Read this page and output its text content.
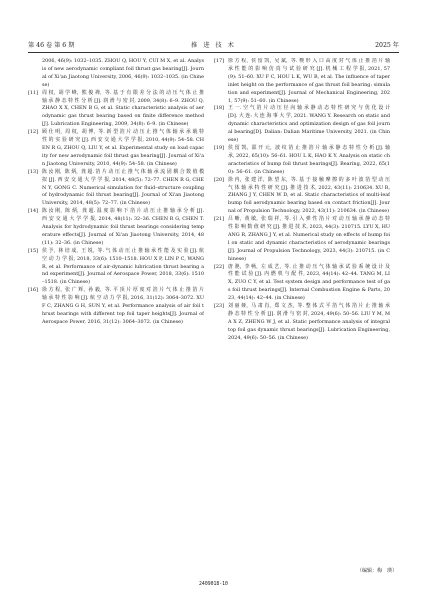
第 46 卷 第 6 期	推 进 技 术	2025 年
2006, 46(9): 1032–1035. ZHOU Q, HOU Y, CUI M X, et al. Analysis of new aerodynamic compliant foil thrust gas bearing[J]. Journal of Xi'an Jiaotong University, 2006, 46(9): 1032–1035. (in Chinese)
[11] 周 权，胡 学 峰，熊 俊 禅，等. 基 于 有 限 差 分 法 的 动 压 气 体 止 推 轴 承 静 态 特 性 分 析 [J]. 润 滑 与 密 封, 2009, 34(8): 6–9. ZHOU Q, ZHAO X X, CHEN B G, et al. Static characteristic analysis of aerodynamic gas thrust bearing based on finite difference method[J]. Lubrication Engineering, 2009, 34(8): 6–9. (in Chinese)
[12] 顾 仕 明，周 权，胡 博，等. 新 型 箔 片 动 压 止 推 气 体 轴 承 承 载 特 性 的 实 验 研 究 [J]. 西 安 交 通 大 学 学 报, 2010, 44(9): 54–58. CHEN R G, ZHOU Q, LIU Y, et al. Experimental study on load capacity for new aerodynamic foil thrust gas bearing[J]. Journal of Xi'an Jiaotong University, 2010, 44(9): 54–58. (in Chinese)
[13] 陈 汝 刚，陈 炳，龚 超. 箔 片 动 压 止 推 气 体 轴 承 流 固 耦 合 数 值 模 拟 [J]. 西 安 交 通 大 学 学 报, 2014, 48(5): 72–77. CHEN R G, CHEN Y, GONG C. Numerical simulation for fluid–structure coupling of hydrodynamic foil thrust bearing[J]. Journal of Xi'an Jiaotong University, 2014, 48(5): 72–77. (in Chinese)
[14] 陈 汝 刚，陈 炳，龚 超. 温 度 影 响 下 箔 片 动 压 止 推 轴 承 分 析 [J]. 西 安 交 通 大 学 学 报, 2014, 48(11): 32–36. CHEN R G, CHEN T. Analysis for hydrodynamic foil thrust bearings considering temperature effects[J]. Journal of Xi'an Jiaotong University, 2014, 48(11): 32–36. (in Chinese)
[15] 侯 予，林 培 成，王 锐，等. 气 体 动 压 止 推 轴 承 性 能 及 实 验 [J]. 航 空 动 力 学 报, 2018, 33(6): 1510–1518. HOU X P, LIN P C, WANG R, et al. Performance of air-dynamic lubrication thrust bearing and experiment[J]. Journal of Aerospace Power, 2018, 33(6): 1510–1518. (in Chinese)
[16] 徐 方 程，张 广 辉，孙 毅，等. 平 顶 片 厚 度 对 箔 片 气 体 止 推 箔 片 轴 承 特 性 影 响 [J]. 航 空 动 力 学 报, 2016, 31(12): 3064–3072. XU F C, ZHANG G H, SUN Y, et al. Performance analysis of air foil thrust bearings with different top foil taper heights[J]. Journal of Aerospace Power, 2016, 31(12): 3064–3072. (in Chinese)
[17] 徐 方 程，侯 留 凯，吴 斌，等. 楔 形 入 口 高 度 对 气 体 止 推 箔 片 轴 承 性 能 的 影 响 仿 真 与 试 验 研 究 [J]. 机 械 工 程 学 报, 2021, 57(9): 51–60. XU F C, HOU L K, WU B, et al. The influence of taper inlet height on the performance of gas thrust foil bearing: simulation and experiment[J]. Journal of Mechanical Engineering, 2021, 57(9): 51–60. (in Chinese)
[18] 王 一. 空 气 箔 片 动 压 径 向 轴 承 静 动 态 特 性 研 究 与 优 化 设 计 [D]. 大 连: 大 连 海 事 大 学, 2021. WANG Y. Research on static and dynamic characteristics and optimization design of gas foil journal bearing[D]. Dalian: Dalian Maritime University, 2021. (in Chinese)
[19] 侯 留 凯，邵 开 元，波 纹 箔 止 推 箔 片 轴 承 静 态 特 性 分 析 [J]. 轴 承, 2022, 65(10): 56–61. HOU L K, HAO K Y. Analysis on static characteristics of bump foil thrust bearings[J]. Bearing, 2022, 65(10): 56–61. (in Chinese)
[20] 徐 冉，张 建 洋，陈 望 东，等. 基 于 接 触 摩 擦 的 多 叶 波 箔 型 动 压 气 体 轴 承 特 性 研 究 [J]. 推 进 技 术, 2022, 43(11): 210634. XU R, ZHANG J Y, CHEN W D, et al. Static characteristics of multi-leaf bump foil aerodynamic bearing based on contact friction[J]. Journal of Propulsion Technology, 2022, 43(11): 210634. (in Chinese)
[21] 吕 晰，黄 敏，张 瑞 祥，等. 引 入 弹 性 箔 片 对 动 压 轴 承 静 动 态 特 性 影 响 数 值 研 究 [J]. 推 进 技 术, 2023, 44(3): 210715. LYU X, HUANG R, ZHANG J Y, et al. Numerical study on effects of bump foil on static and dynamic characteristics of aerodynamic bearings[J]. Journal of Propulsion Technology, 2023, 44(3): 210715. (in Chinese)
[22] 唐 滟，李 畅，左 成 艺，等. 止 推 动 压 气 体 轴 承 试 验 系 统 设 计 及 性 能 试 验 [J]. 内 燃 机 与 配 件, 2023, 44(14): 42–44. TANG M, LI X, ZUO C Y, et al. Test system design and performance test of gas foil thrust bearings[J]. Internal Combustion Engine & Parts, 2023, 44(14): 42–44. (in Chinese)
[23] 刘 丽 娅，马 肃 肖，郑 文 杰，等. 整 体 式 平 箔 气 体 箔 片 止 推 轴 承 静 态 特 性 分 析 [J]. 润 滑 与 密 封, 2024, 49(6): 50–56. LIU Y M, MA X Z, ZHENG W J, et al. Static performance analysis of integral top foil gas dynamic thrust bearings[J]. Lubrication Engineering, 2024, 49(6): 50–56. (in Chinese)
（编辑：梅　瑛）
2409018-10
